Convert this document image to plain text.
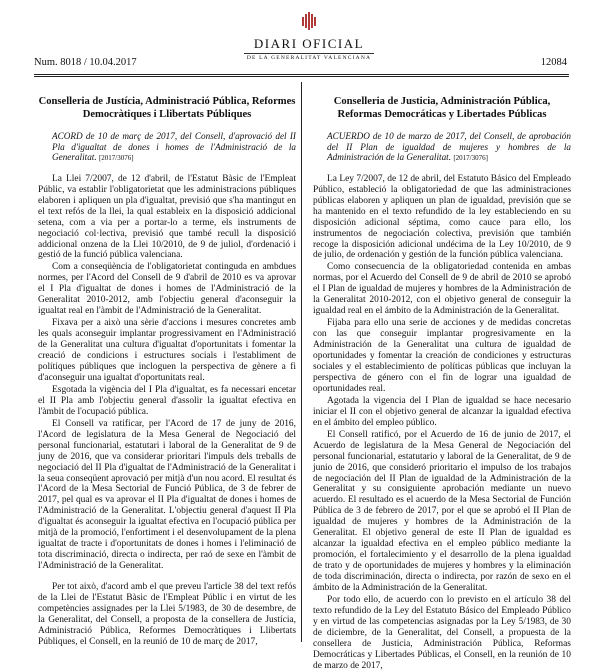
Num. 8018 / 10.04.2017
DIARI OFICIAL
DE LA GENERALITAT VALENCIANA	12084
Conselleria de Justícia, Administració Pública, Reformes Democràtiques i Llibertats Públiques
ACORD de 10 de març de 2017, del Consell, d'aprovació del II Pla d'igualtat de dones i homes de l'Administració de la Generalitat. [2017/3076]

La Llei 7/2007, de 12 d'abril, de l'Estatut Bàsic de l'Empleat Públic, va establir l'obligatorietat que les administracions públiques elaboren i apliquen un pla d'igualtat, previsió que s'ha mantingut en el text refós de la llei, la qual estableix en la disposició addicional setena, com a via per a portar-lo a terme, els instruments de negociació col·lectiva, previsió que també recull la disposició addicional onzena de la Llei 10/2010, de 9 de juliol, d'ordenació i gestió de la funció pública valenciana.

Com a conseqüència de l'obligatorietat continguda en ambdues normes, per l'Acord del Consell de 9 d'abril de 2010 es va aprovar el I Pla d'igualtat de dones i homes de l'Administració de la Generalitat 2010-2012, amb l'objectiu general d'aconseguir la igualtat real en l'àmbit de l'Administració de la Generalitat.

Fixava per a això una sèrie d'accions i mesures concretes amb les quals aconseguir implantar progressivament en l'Administració de la Generalitat una cultura d'igualtat d'oportunitats i fomentar la creació de condicions i estructures socials i l'establiment de polítiques públiques que incloguen la perspectiva de gènere a fi d'aconseguir una igualtat d'oportunitats real.

Esgotada la vigència del I Pla d'igualtat, es fa necessari encetar el II Pla amb l'objectiu general d'assolir la igualtat efectiva en l'àmbit de l'ocupació pública.

El Consell va ratificar, per l'Acord de 17 de juny de 2016, l'Acord de legislatura de la Mesa General de Negociació del personal funcionarial, estatutari i laboral de la Generalitat de 9 de juny de 2016, que va considerar prioritari l'impuls dels treballs de negociació del II Pla d'igualtat de l'Administració de la Generalitat i la seua conseqüent aprovació per mitjà d'un nou acord. El resultat és l'Acord de la Mesa Sectorial de Funció Pública, de 3 de febrer de 2017, pel qual es va aprovar el II Pla d'igualtat de dones i homes de l'Administració de la Generalitat. L'objectiu general d'aquest II Pla d'igualtat és aconseguir la igualtat efectiva en l'ocupació pública per mitjà de la promoció, l'enfortiment i el desenvolupament de la plena igualtat de tracte i d'oportunitats de dones i homes i l'eliminació de tota discriminació, directa o indirecta, per raó de sexe en l'àmbit de l'Administració de la Generalitat.

Per tot això, d'acord amb el que preveu l'article 38 del text refós de la Llei de l'Estatut Bàsic de l'Empleat Públic i en virtut de les competències assignades per la Llei 5/1983, de 30 de desembre, de la Generalitat, del Consell, a proposta de la consellera de Justícia, Administració Pública, Reformes Democràtiques i Llibertats Públiques, el Consell, en la reunió de 10 de març de 2017,

Conselleria de Justicia, Administración Pública, Reformas Democráticas y Libertades Públicas
ACUERDO de 10 de marzo de 2017, del Consell, de aprobación del II Plan de igualdad de mujeres y hombres de la Administración de la Generalitat. [2017/3076]

La Ley 7/2007, de 12 de abril, del Estatuto Básico del Empleado Público, estableció la obligatoriedad de que las administraciones públicas elaboren y apliquen un plan de igualdad, previsión que se ha mantenido en el texto refundido de la ley estableciendo en su disposición adicional séptima, como cauce para ello, los instrumentos de negociación colectiva, previsión que también recoge la disposición adicional undécima de la Ley 10/2010, de 9 de julio, de ordenación y gestión de la función pública valenciana.

Como consecuencia de la obligatoriedad contenida en ambas normas, por el Acuerdo del Consell de 9 de abril de 2010 se aprobó el I Plan de igualdad de mujeres y hombres de la Administración de la Generalitat 2010-2012, con el objetivo general de conseguir la igualdad real en el ámbito de la Administración de la Generalitat.

Fijaba para ello una serie de acciones y de medidas concretas con las que conseguir implantar progresivamente en la Administración de la Generalitat una cultura de igualdad de oportunidades y fomentar la creación de condiciones y estructuras sociales y el establecimiento de políticas públicas que incluyan la perspectiva de género con el fin de lograr una igualdad de oportunidades real.

Agotada la vigencia del I Plan de igualdad se hace necesario iniciar el II con el objetivo general de alcanzar la igualdad efectiva en el ámbito del empleo público.

El Consell ratificó, por el Acuerdo de 16 de junio de 2017, el Acuerdo de legislatura de la Mesa General de Negociación del personal funcionarial, estatutario y laboral de la Generalitat, de 9 de junio de 2016, que consideró prioritario el impulso de los trabajos de negociación del II Plan de igualdad de la Administración de la Generalitat y su consiguiente aprobación mediante un nuevo acuerdo. El resultado es el acuerdo de la Mesa Sectorial de Función Pública de 3 de febrero de 2017, por el que se aprobó el II Plan de igualdad de mujeres y hombres de la Administración de la Generalitat. El objetivo general de este II Plan de igualdad es alcanzar la igualdad efectiva en el empleo público mediante la promoción, el fortalecimiento y el desarrollo de la plena igualdad de trato y de oportunidades de mujeres y hombres y la eliminación de toda discriminación, directa o indirecta, por razón de sexo en el ámbito de la Administración de la Generalitat.

Por todo ello, de acuerdo con lo previsto en el artículo 38 del texto refundido de la Ley del Estatuto Básico del Empleado Público y en virtud de las competencias asignadas por la Ley 5/1983, de 30 de diciembre, de la Generalitat, del Consell, a propuesta de la consellera de Justicia, Administración Pública, Reformas Democráticas y Libertades Públicas, el Consell, en la reunión de 10 de marzo de 2017,
